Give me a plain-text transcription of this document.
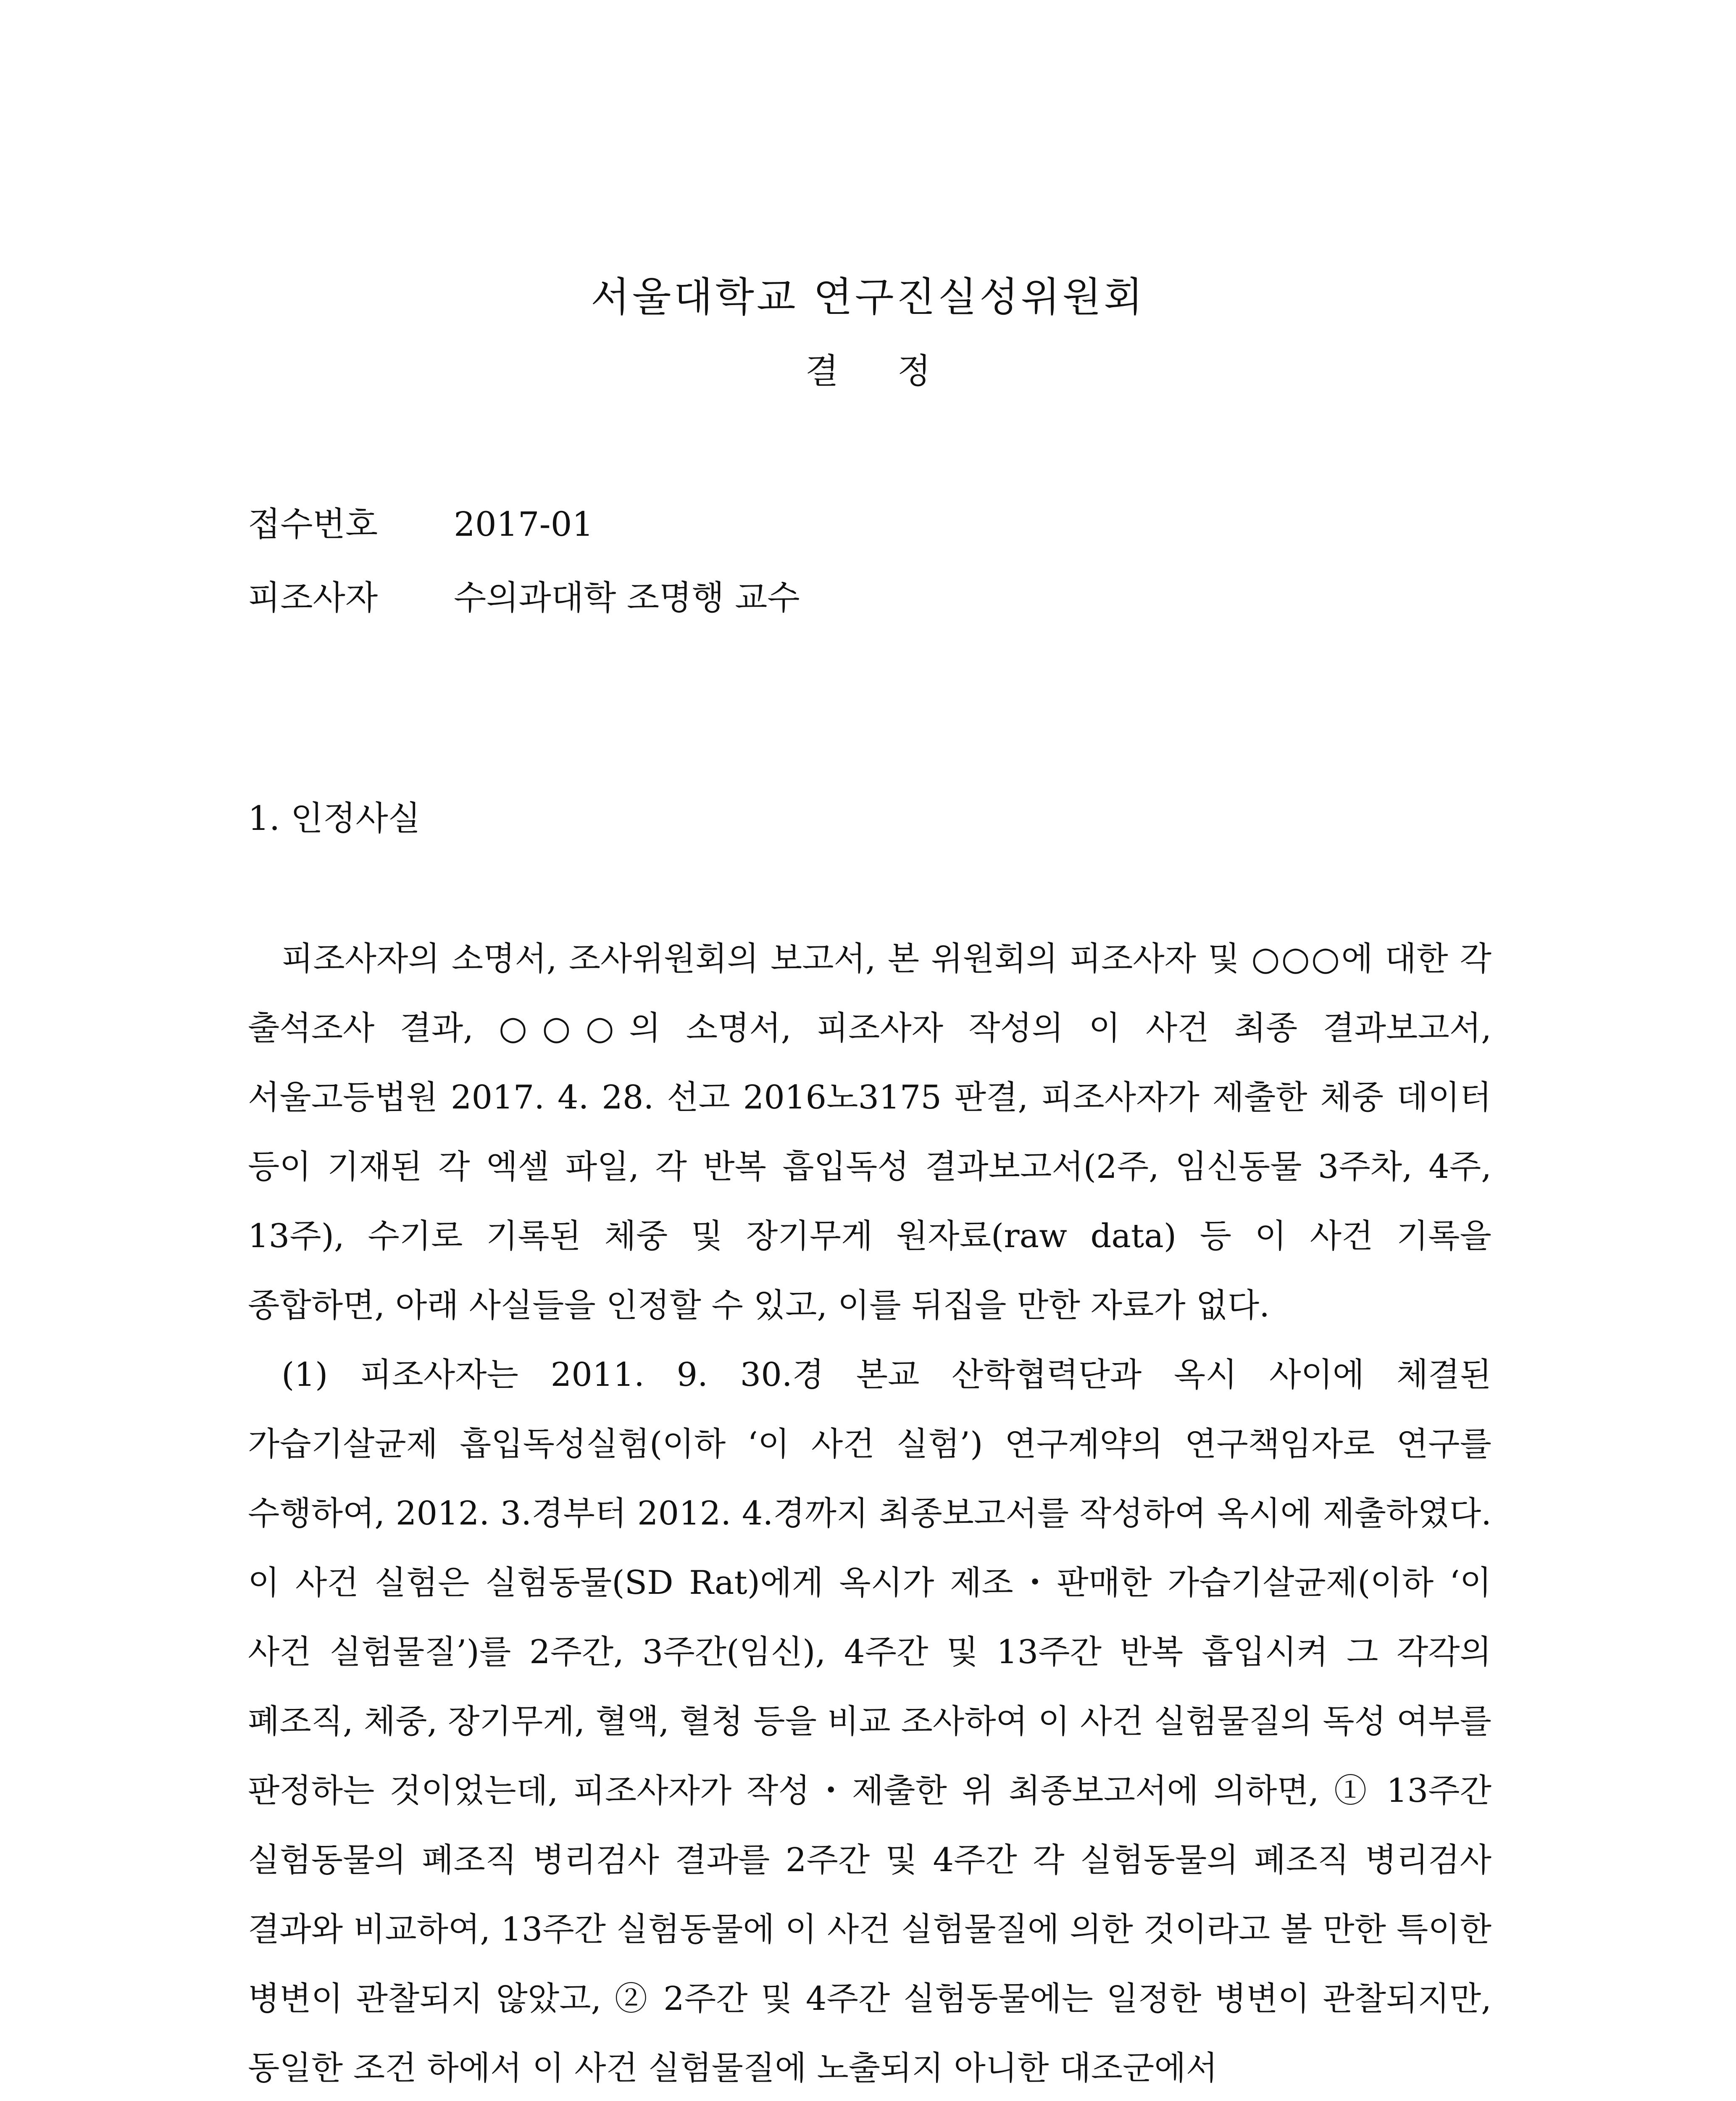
서울대학교 연구진실성위원회
결 정
접수번호 2017-01
피조사자 수의과대학 조명행 교수
1. 인정사실

피조사자의 소명서, 조사위원회의 보고서, 본 위원회의 피조사자 및 ○○○에 대한 각 출석조사 결과, ○○○의 소명서, 피조사자 작성의 이 사건 최종 결과보고서, 서울고등법원 2017. 4. 28. 선고 2016노3175 판결, 피조사자가 제출한 체중 데이터 등이 기재된 각 엑셀 파일, 각 반복 흡입독성 결과보고서(2주, 임신동물 3주차, 4주, 13주), 수기로 기록된 체중 및 장기무게 원자료(raw data) 등 이 사건 기록을 종합하면, 아래 사실들을 인정할 수 있고, 이를 뒤집을 만한 자료가 없다.

(1) 피조사자는 2011. 9. 30.경 본교 산학협력단과 옥시 사이에 체결된 가습기살균제 흡입독성실험(이하 ‘이 사건 실험’) 연구계약의 연구책임자로 연구를 수행하여, 2012. 3.경부터 2012. 4.경까지 최종보고서를 작성하여 옥시에 제출하였다. 이 사건 실험은 실험동물(SD Rat)에게 옥시가 제조・판매한 가습기살균제(이하 ‘이 사건 실험물질’)를 2주간, 3주간(임신), 4주간 및 13주간 반복 흡입시켜 그 각각의 폐조직, 체중, 장기무게, 혈액, 혈청 등을 비교 조사하여 이 사건 실험물질의 독성 여부를 판정하는 것이었는데, 피조사자가 작성・제출한 위 최종보고서에 의하면, ① 13주간 실험동물의 폐조직 병리검사 결과를 2주간 및 4주간 각 실험동물의 폐조직 병리검사 결과와 비교하여, 13주간 실험동물에 이 사건 실험물질에 의한 것이라고 볼 만한 특이한 병변이 관찰되지 않았고, ② 2주간 및 4주간 실험동물에는 일정한 병변이 관찰되지만, 동일한 조건 하에서 이 사건 실험물질에 노출되지 아니한 대조군에서
